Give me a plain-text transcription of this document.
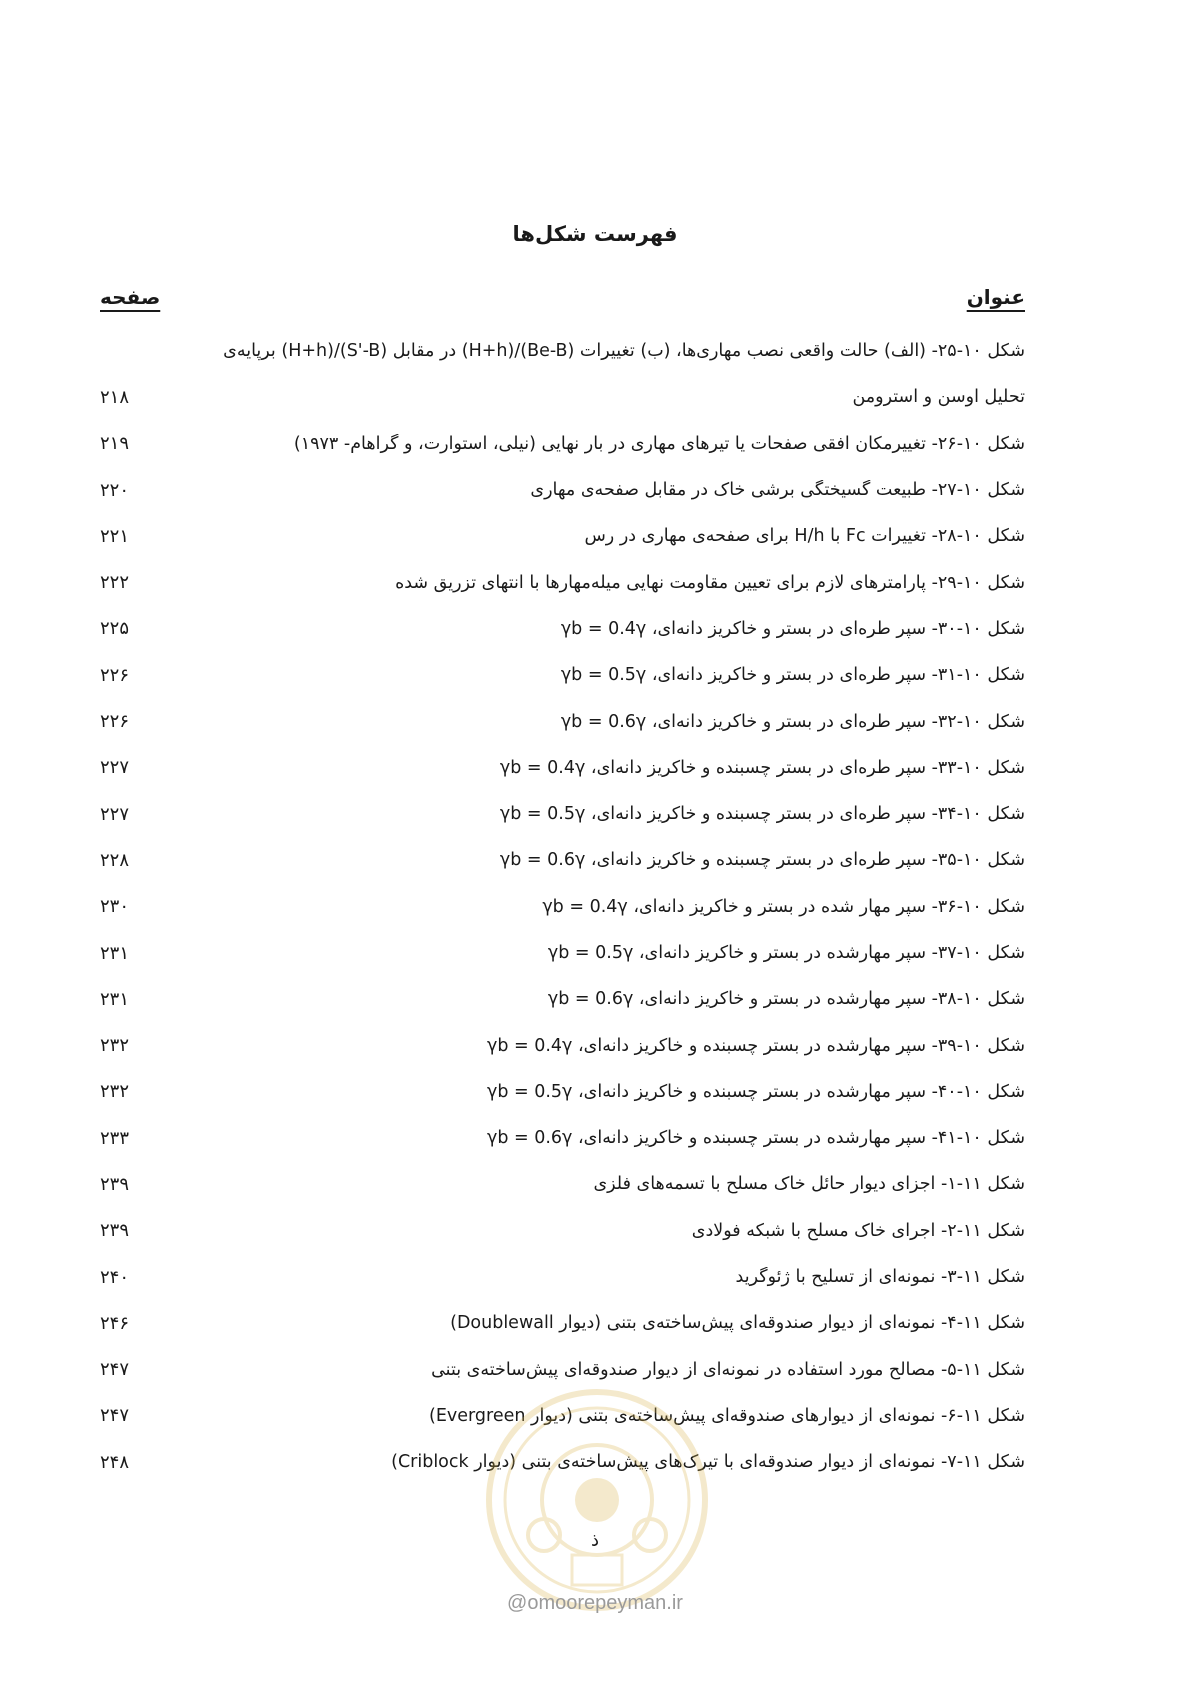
فهرست شکل‌ها
عنوان
صفحه
شکل ۱۰-۲۵- (الف) حالت واقعی نصب مهاری‌ها، (ب) تغییرات (Be-B)/(H+h) در مقابل (S'-B)/(H+h) برپایه‌ی
تحلیل اوسن و استرومن
۲۱۸
شکل ۱۰-۲۶- تغییرمکان افقی صفحات یا تیرهای مهاری در بار نهایی (نیلی، استوارت، و گراهام- ۱۹۷۳)
۲۱۹
شکل ۱۰-۲۷- طبیعت گسیختگی برشی خاک در مقابل صفحه‌ی مهاری
۲۲۰
شکل ۱۰-۲۸- تغییرات Fc با H/h برای صفحه‌ی مهاری در رس
۲۲۱
شکل ۱۰-۲۹- پارامترهای لازم برای تعیین مقاومت نهایی میله‌مهارها با انتهای تزریق شده
۲۲۲
شکل ۱۰-۳۰- سپر طره‌ای در بستر و خاکریز دانه‌ای، γb = 0.4γ
۲۲۵
شکل ۱۰-۳۱- سپر طره‌ای در بستر و خاکریز دانه‌ای، γb = 0.5γ
۲۲۶
شکل ۱۰-۳۲- سپر طره‌ای در بستر و خاکریز دانه‌ای، γb = 0.6γ
۲۲۶
شکل ۱۰-۳۳- سپر طره‌ای در بستر چسبنده و خاکریز دانه‌ای، γb = 0.4γ
۲۲۷
شکل ۱۰-۳۴- سپر طره‌ای در بستر چسبنده و خاکریز دانه‌ای، γb = 0.5γ
۲۲۷
شکل ۱۰-۳۵- سپر طره‌ای در بستر چسبنده و خاکریز دانه‌ای، γb = 0.6γ
۲۲۸
شکل ۱۰-۳۶- سپر مهار شده در بستر و خاکریز دانه‌ای، γb = 0.4γ
۲۳۰
شکل ۱۰-۳۷- سپر مهارشده در بستر و خاکریز دانه‌ای، γb = 0.5γ
۲۳۱
شکل ۱۰-۳۸- سپر مهارشده در بستر و خاکریز دانه‌ای، γb = 0.6γ
۲۳۱
شکل ۱۰-۳۹- سپر مهارشده در بستر چسبنده و خاکریز دانه‌ای، γb = 0.4γ
۲۳۲
شکل ۱۰-۴۰- سپر مهارشده در بستر چسبنده و خاکریز دانه‌ای، γb = 0.5γ
۲۳۲
شکل ۱۰-۴۱- سپر مهارشده در بستر چسبنده و خاکریز دانه‌ای، γb = 0.6γ
۲۳۳
شکل ۱۱-۱- اجزای دیوار حائل خاک مسلح با تسمه‌های فلزی
۲۳۹
شکل ۱۱-۲- اجرای خاک مسلح با شبکه فولادی
۲۳۹
شکل ۱۱-۳- نمونه‌ای از تسلیح با ژئوگرید
۲۴۰
شکل ۱۱-۴- نمونه‌ای از دیوار صندوقه‌ای پیش‌ساخته‌ی بتنی (دیوار Doublewall)
۲۴۶
شکل ۱۱-۵- مصالح مورد استفاده در نمونه‌ای از دیوار صندوقه‌ای پیش‌ساخته‌ی بتنی
۲۴۷
شکل ۱۱-۶- نمونه‌ای از دیوارهای صندوقه‌ای پیش‌ساخته‌ی بتنی (دیوار Evergreen)
۲۴۷
شکل ۱۱-۷- نمونه‌ای از دیوار صندوقه‌ای با تیرک‌های پیش‌ساخته‌ی بتنی (دیوار Criblock)
۲۴۸
ذ
@omoorepeyman.ir
